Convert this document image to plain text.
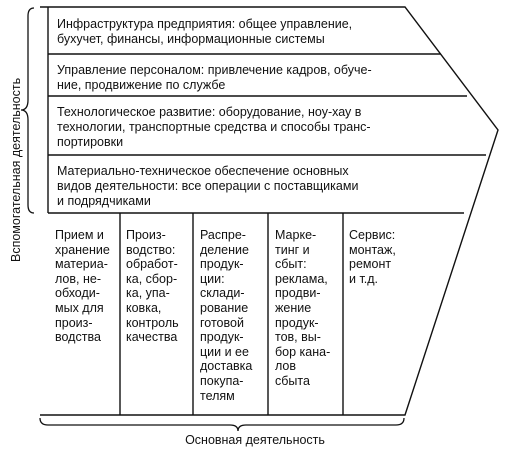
Инфраструктура предприятия: общее управление,
бухучет, финансы, информационные системы
Управление персоналом: привлечение кадров, обуче-
ние, продвижение по службе
Технологическое развитие: оборудование, ноу-хау в
технологии, транспортные средства и способы транс-
портировки
Материально-техническое обеспечение основных
видов деятельности: все операции с поставщиками
и подрядчиками
Прием и
хранение
материа-
лов, не-
обходи-
мых для
произ-
водства
Произ-
водство:
обработ-
ка, сбор-
ка, упа-
ковка,
контроль
качества
Распре-
деление
продук-
ции:
склади-
рование
готовой
продук-
ции и ее
доставка
покупа-
телям
Марке-
тинг и
сбыт:
реклама,
продви-
жение
продук-
тов, вы-
бор кана-
лов
сбыта
Сервис:
монтаж,
ремонт
и т.д.
Вспомогательная деятельность
Основная деятельность
